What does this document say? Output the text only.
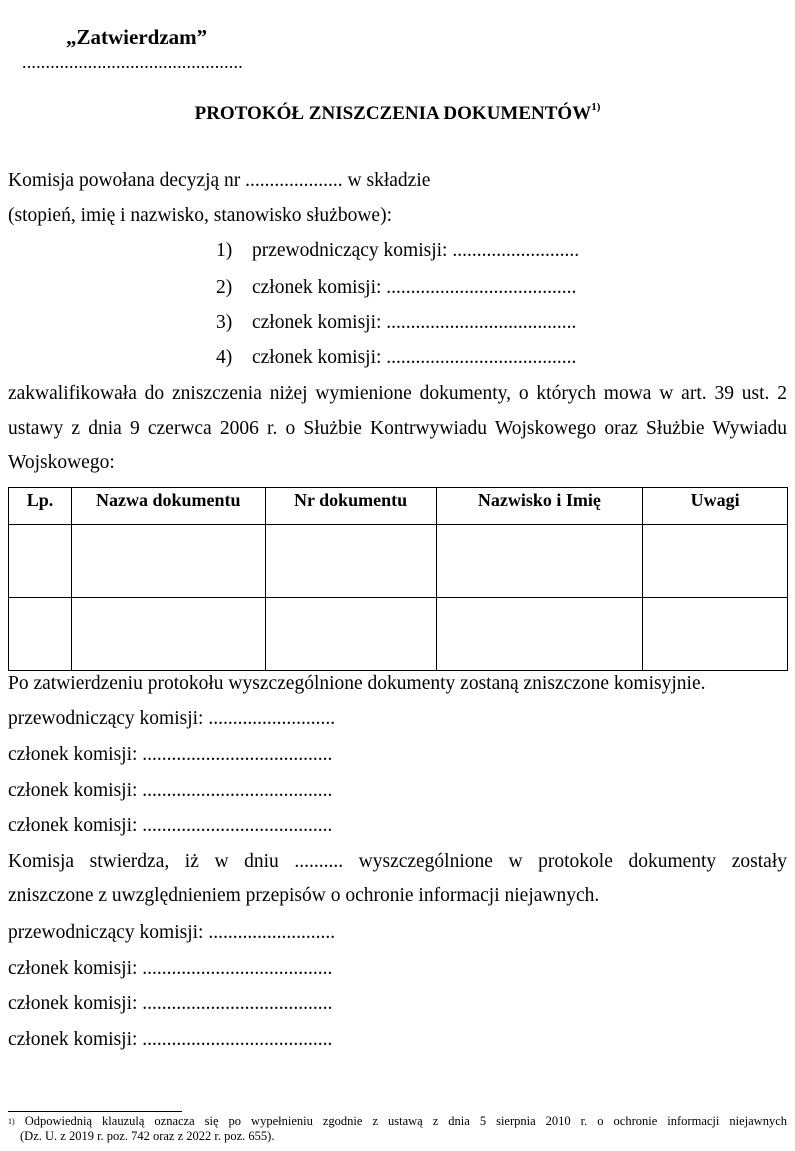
„Zatwierdzam”
...............................................
PROTOKÓŁ ZNISZCZENIA DOKUMENTÓW$^{1)}$
Komisja powołana decyzją nr .................... w składzie
(stopień, imię i nazwisko, stanowisko służbowe):
1) przewodniczący komisji: ..........................
2) członek komisji: .......................................
3) członek komisji: .......................................
4) członek komisji: .......................................
zakwalifikowała do zniszczenia niżej wymienione dokumenty, o których mowa w art. 39 ust. 2
ustawy z dnia 9 czerwca 2006 r. o Służbie Kontrwywiadu Wojskowego oraz Służbie Wywiadu
Wojskowego:
Lp.	Nazwa dokumentu	Nr dokumentu	Nazwisko i Imię	Uwagi

Po zatwierdzeniu protokołu wyszczególnione dokumenty zostaną zniszczone komisyjnie.
przewodniczący komisji: ..........................
członek komisji: .......................................
członek komisji: .......................................
członek komisji: .......................................
Komisja stwierdza, iż w dniu .......... wyszczególnione w protokole dokumenty zostały
zniszczone z uwzględnieniem przepisów o ochronie informacji niejawnych.
przewodniczący komisji: ..........................
członek komisji: .......................................
członek komisji: .......................................
członek komisji: .......................................
$^{1)}$ Odpowiednią klauzulą oznacza się po wypełnieniu zgodnie z ustawą z dnia 5 sierpnia 2010 r. o ochronie informacji niejawnych
(Dz. U. z 2019 r. poz. 742 oraz z 2022 r. poz. 655).
